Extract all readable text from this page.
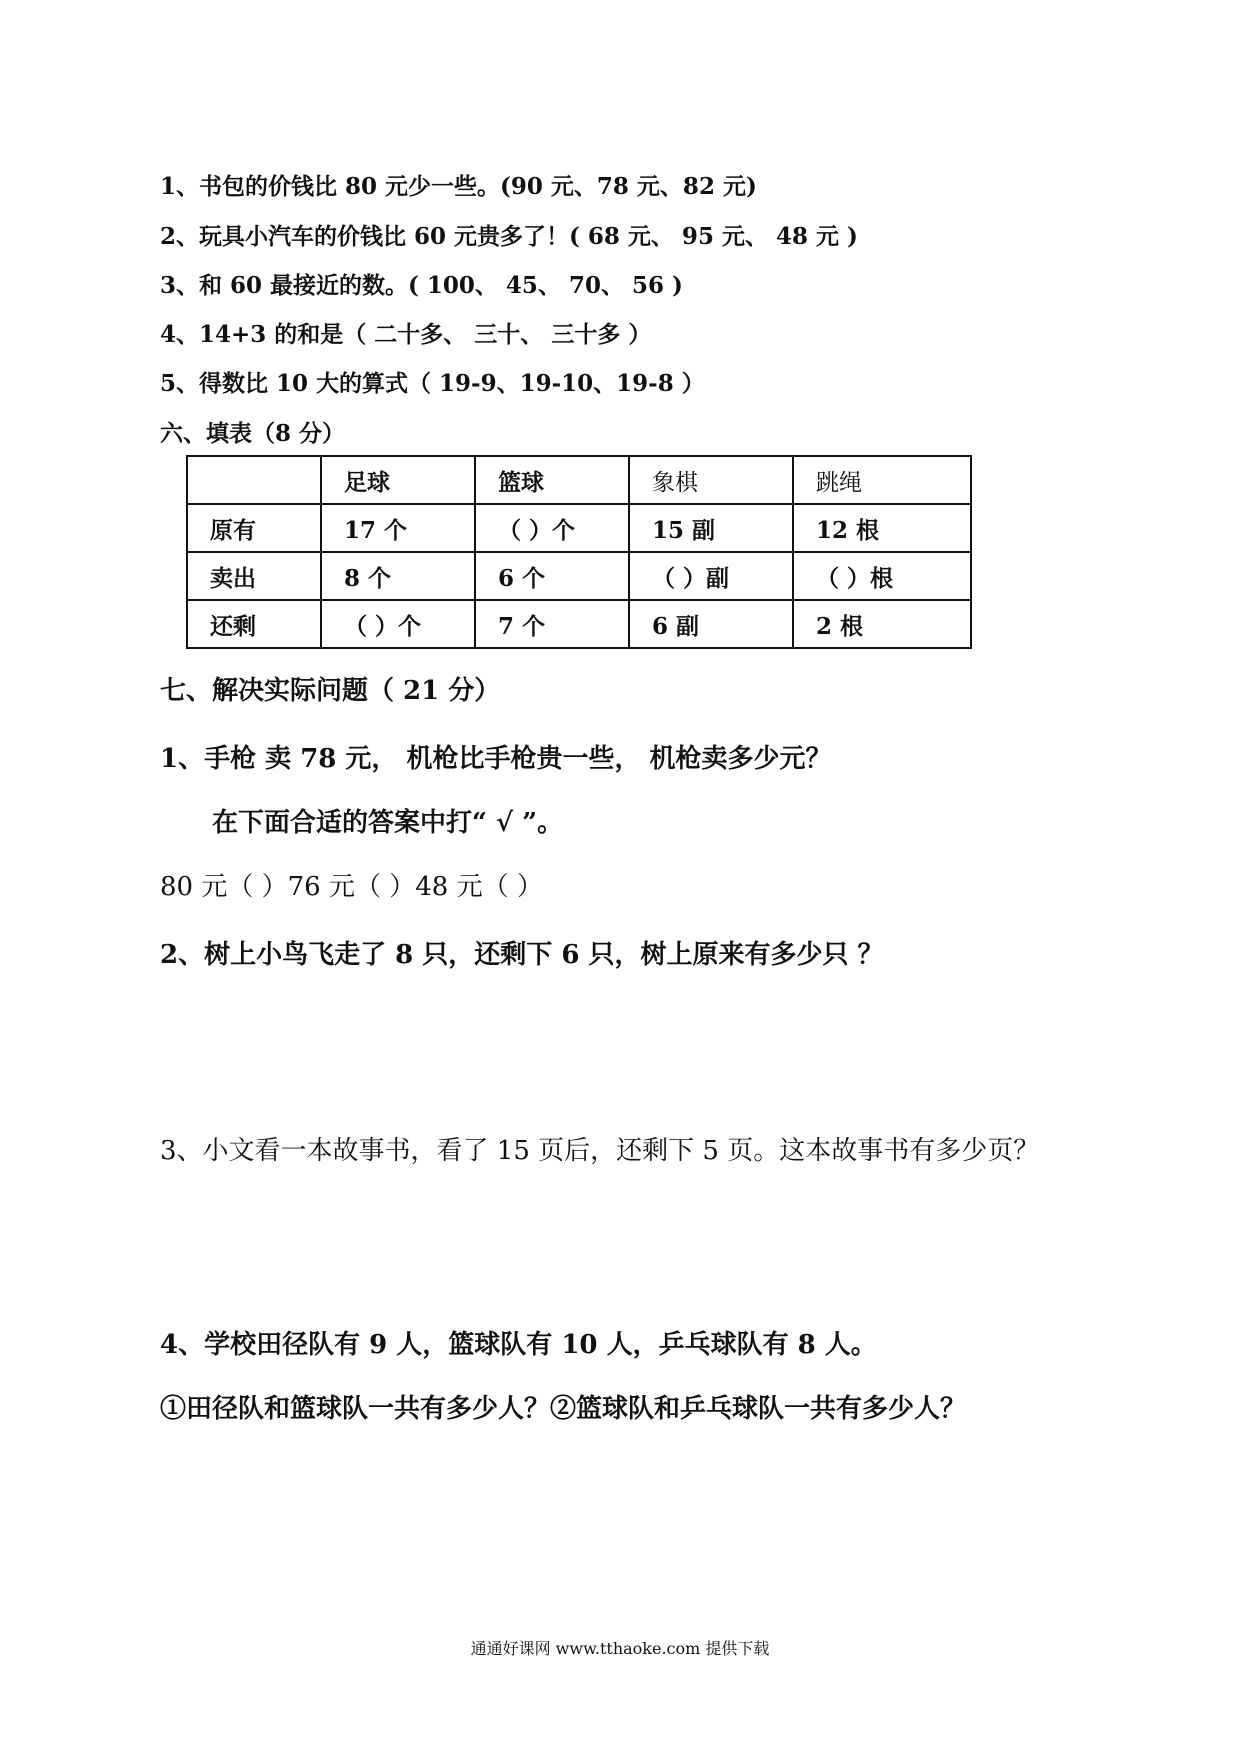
1、书包的价钱比 80 元少一些。(90 元、78 元、82 元)

2、玩具小汽车的价钱比 60 元贵多了！( 68 元、 95 元、 48 元 )

3、和 60 最接近的数。( 100、 45、 70、 56 )

4、14+3 的和是（ 二十多、 三十、 三十多 ）

5、得数比 10 大的算式（ 19-9、19-10、19-8 ）

六、填表（8 分）

	足球	篮球	象棋	跳绳
原有	17 个	（ ）个	15 副	12 根
卖出	8 个	6 个	（ ）副	（ ）根
还剩	（ ）个	7 个	6 副	2 根

七、解决实际问题（ 21 分）

1、手枪 卖 78 元， 机枪比手枪贵一些， 机枪卖多少元？

在下面合适的答案中打“ √ ”。

80 元（ ）76 元（ ）48 元（ ）

2、树上小鸟飞走了 8 只，还剩下 6 只，树上原来有多少只 ？

3、小文看一本故事书，看了 15 页后，还剩下 5 页。这本故事书有多少页？

4、学校田径队有 9 人，篮球队有 10 人，乒乓球队有 8 人。

①田径队和篮球队一共有多少人？②篮球队和乒乓球队一共有多少人？

通通好课网 www.tthaoke.com 提供下载
